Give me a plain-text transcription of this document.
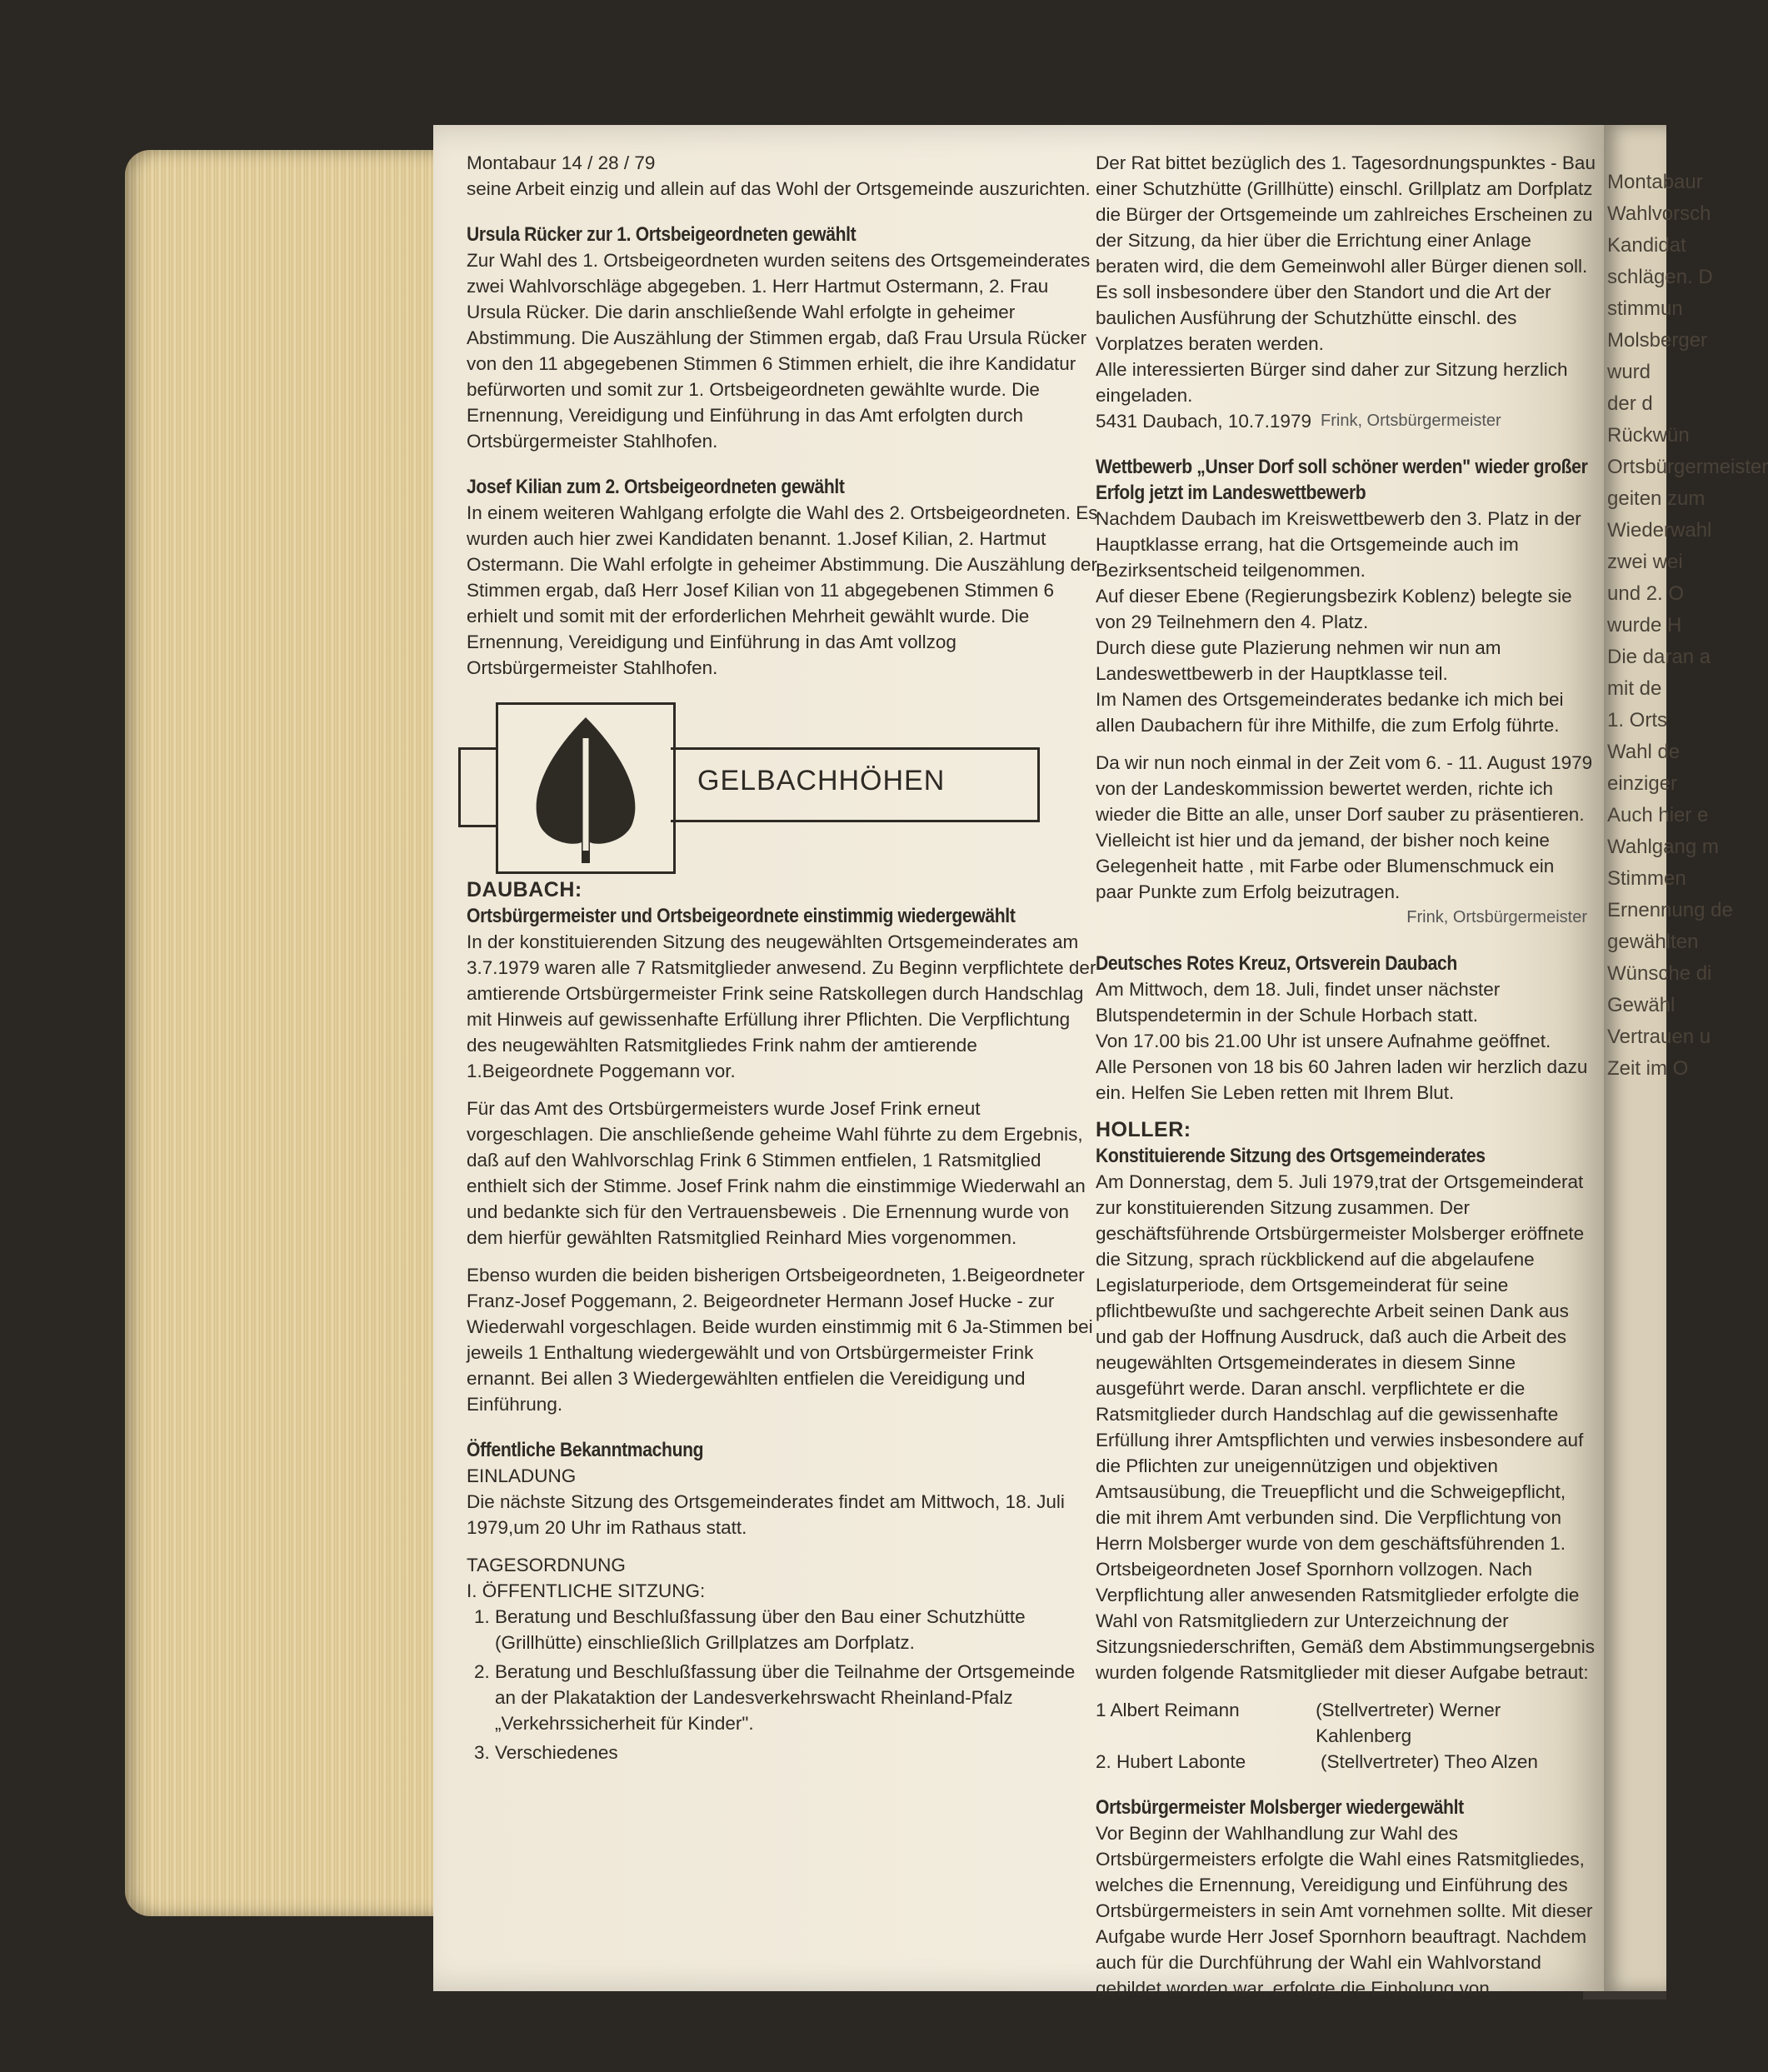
Montabaur 14 / 28 / 79

seine Arbeit einzig und allein auf das Wohl der Ortsgemeinde auszurichten.

Ursula Rücker zur 1. Ortsbeigeordneten gewählt

Zur Wahl des 1. Ortsbeigeordneten wurden seitens des Ortsgemeinderates zwei Wahlvorschläge abgegeben. 1. Herr Hartmut Ostermann, 2. Frau Ursula Rücker. Die darin anschließende Wahl erfolgte in geheimer Abstimmung. Die Auszählung der Stimmen ergab, daß Frau Ursula Rücker von den 11 abgegebenen Stimmen 6 Stimmen erhielt, die ihre Kandidatur befürworten und somit zur 1. Ortsbeigeordneten gewählte wurde. Die Ernennung, Vereidigung und Einführung in das Amt erfolgten durch Ortsbürgermeister Stahlhofen.

Josef Kilian zum 2. Ortsbeigeordneten gewählt

In einem weiteren Wahlgang erfolgte die Wahl des 2. Ortsbeigeordneten. Es wurden auch hier zwei Kandidaten benannt. 1.Josef Kilian, 2. Hartmut Ostermann. Die Wahl erfolgte in geheimer Abstimmung. Die Auszählung der Stimmen ergab, daß Herr Josef Kilian von 11 abgegebenen Stimmen 6 erhielt und somit mit der erforderlichen Mehrheit gewählt wurde. Die Ernennung, Vereidigung und Einführung in das Amt vollzog Ortsbürgermeister Stahlhofen.

GELBACHHÖHEN
DAUBACH:
Ortsbürgermeister und Ortsbeigeordnete einstimmig wiedergewählt

In der konstituierenden Sitzung des neugewählten Ortsgemeinderates am 3.7.1979 waren alle 7 Ratsmitglieder anwesend. Zu Beginn verpflichtete der amtierende Ortsbürgermeister Frink seine Ratskollegen durch Handschlag mit Hinweis auf gewissenhafte Erfüllung ihrer Pflichten. Die Verpflichtung des neugewählten Ratsmitgliedes Frink nahm der amtierende 1.Beigeordnete Poggemann vor.

Für das Amt des Ortsbürgermeisters wurde Josef Frink erneut vorgeschlagen. Die anschließende geheime Wahl führte zu dem Ergebnis, daß auf den Wahlvorschlag Frink 6 Stimmen entfielen, 1 Ratsmitglied enthielt sich der Stimme. Josef Frink nahm die einstimmige Wiederwahl an und bedankte sich für den Vertrauensbeweis . Die Ernennung wurde von dem hierfür gewählten Ratsmitglied Reinhard Mies vorgenommen.

Ebenso wurden die beiden bisherigen Ortsbeigeordneten, 1.Beigeordneter Franz-Josef Poggemann, 2. Beigeordneter Hermann Josef Hucke - zur Wiederwahl vorgeschlagen. Beide wurden einstimmig mit 6 Ja-Stimmen bei jeweils 1 Enthaltung wiedergewählt und von Ortsbürgermeister Frink ernannt. Bei allen 3 Wiedergewählten entfielen die Vereidigung und Einführung.

Öffentliche Bekanntmachung
EINLADUNG

Die nächste Sitzung des Ortsgemeinderates findet am Mittwoch, 18. Juli 1979,um 20 Uhr im Rathaus statt.

TAGESORDNUNG
I. ÖFFENTLICHE SITZUNG:
1. Beratung und Beschlußfassung über den Bau einer Schutzhütte (Grillhütte) einschließlich Grillplatzes am Dorfplatz.
2. Beratung und Beschlußfassung über die Teilnahme der Ortsgemeinde an der Plakataktion der Landesverkehrswacht Rheinland-Pfalz „Verkehrssicherheit für Kinder".
3. Verschiedenes

Der Rat bittet bezüglich des 1. Tagesordnungspunktes - Bau einer Schutzhütte (Grillhütte) einschl. Grillplatz am Dorfplatz die Bürger der Ortsgemeinde um zahlreiches Erscheinen zu der Sitzung, da hier über die Errichtung einer Anlage beraten wird, die dem Gemeinwohl aller Bürger dienen soll.

Es soll insbesondere über den Standort und die Art der baulichen Ausführung der Schutzhütte einschl. des Vorplatzes beraten werden.

Alle interessierten Bürger sind daher zur Sitzung herzlich eingeladen.

5431 Daubach, 10.7.1979 Frink, Ortsbürgermeister
Wettbewerb „Unser Dorf soll schöner werden" wieder großer Erfolg jetzt im Landeswettbewerb

Nachdem Daubach im Kreiswettbewerb den 3. Platz in der Hauptklasse errang, hat die Ortsgemeinde auch im Bezirksentscheid teilgenommen.

Auf dieser Ebene (Regierungsbezirk Koblenz) belegte sie von 29 Teilnehmern den 4. Platz.

Durch diese gute Plazierung nehmen wir nun am Landeswettbewerb in der Hauptklasse teil.

Im Namen des Ortsgemeinderates bedanke ich mich bei allen Daubachern für ihre Mithilfe, die zum Erfolg führte.

Da wir nun noch einmal in der Zeit vom 6. - 11. August 1979 von der Landeskommission bewertet werden, richte ich wieder die Bitte an alle, unser Dorf sauber zu präsentieren. Vielleicht ist hier und da jemand, der bisher noch keine Gelegenheit hatte , mit Farbe oder Blumenschmuck ein paar Punkte zum Erfolg beizutragen.

Frink, Ortsbürgermeister
Deutsches Rotes Kreuz, Ortsverein Daubach

Am Mittwoch, dem 18. Juli, findet unser nächster Blutspendetermin in der Schule Horbach statt.

Von 17.00 bis 21.00 Uhr ist unsere Aufnahme geöffnet.

Alle Personen von 18 bis 60 Jahren laden wir herzlich dazu ein. Helfen Sie Leben retten mit Ihrem Blut.

HOLLER:
Konstituierende Sitzung des Ortsgemeinderates

Am Donnerstag, dem 5. Juli 1979,trat der Ortsgemeinderat zur konstituierenden Sitzung zusammen. Der geschäftsführende Ortsbürgermeister Molsberger eröffnete die Sitzung, sprach rückblickend auf die abgelaufene Legislaturperiode, dem Ortsgemeinderat für seine pflichtbewußte und sachgerechte Arbeit seinen Dank aus und gab der Hoffnung Ausdruck, daß auch die Arbeit des neugewählten Ortsgemeinderates in diesem Sinne ausgeführt werde. Daran anschl. verpflichtete er die Ratsmitglieder durch Handschlag auf die gewissenhafte Erfüllung ihrer Amtspflichten und verwies insbesondere auf die Pflichten zur uneigennützigen und objektiven Amtsausübung, die Treuepflicht und die Schweigepflicht, die mit ihrem Amt verbunden sind. Die Verpflichtung von Herrn Molsberger wurde von dem geschäftsführenden 1. Ortsbeigeordneten Josef Spornhorn vollzogen. Nach Verpflichtung aller anwesenden Ratsmitglieder erfolgte die Wahl von Ratsmitgliedern zur Unterzeichnung der Sitzungsniederschriften, Gemäß dem Abstimmungsergebnis wurden folgende Ratsmitglieder mit dieser Aufgabe betraut:

1 Albert Reimann	(Stellvertreter) Werner Kahlenberg
2. Hubert Labonte	(Stellvertreter) Theo Alzen
Ortsbürgermeister Molsberger wiedergewählt

Vor Beginn der Wahlhandlung zur Wahl des Ortsbürgermeisters erfolgte die Wahl eines Ratsmitgliedes, welches die Ernennung, Vereidigung und Einführung des Ortsbürgermeisters in sein Amt vornehmen sollte. Mit dieser Aufgabe wurde Herr Josef Spornhorn beauftragt. Nachdem auch für die Durchführung der Wahl ein Wahlvorstand gebildet worden war, erfolgte die Einholung von

Montabaur
Wahlvorsch
Kandidat
schlägen. D
stimmun
Molsberger
wurd
der d
Rückwün
Ortsbürgermeister
geiten zum
Wiederwahl
zwei wei
und 2. O
wurde H
Die daran a
mit de
1. Orts
Wahl de
einziger
Auch hier e
Wahlgang m
Stimmen
Ernennung de
gewählten
Wünsche di
Gewähl
Vertrauen u
Zeit im O
